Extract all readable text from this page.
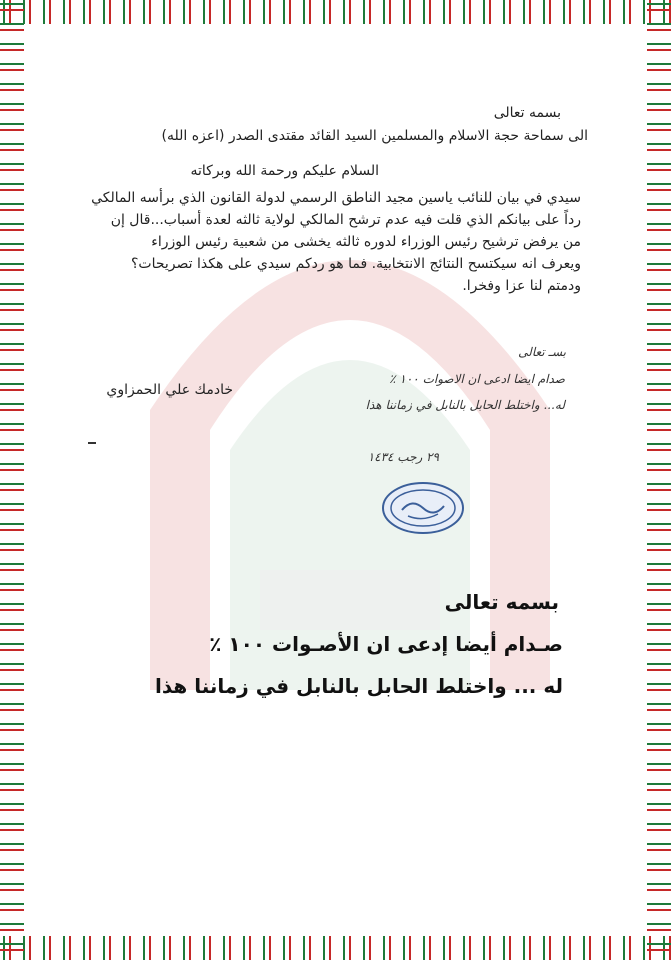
بسمه تعالى
الى سماحة حجة الاسلام والمسلمين السيد القائد مقتدى الصدر (اعزه الله)
السلام عليكم ورحمة الله وبركاته
سيدي في بيان للنائب ياسين مجيد الناطق الرسمي لدولة القانون الذي برأسه المالكي
رداً على بيانكم الذي قلت فيه عدم ترشح المالكي لولاية ثالثه لعدة أسباب...قال إن
من يرفض ترشيح رئيس الوزراء لدوره ثالثه يخشى من شعبية رئيس الوزراء
ويعرف انه سيكتسح النتائج الانتخابية. فما هو ردكم سيدي على هكذا تصريحات؟
ودمتم لنا عزا وفخرا.
خادمك علي الحمزاوي
بسـ تعالى
صدام ايضا ادعى ان الاصوات ١٠٠ ٪
له... واختلط الحابل بالنابل في زماننا هذا
٢٩ رجب ١٤٣٤
بسمه تعالى
صـدام أيضا إدعى ان الأصـوات ١٠٠ ٪
له ... واختلط الحابل بالنابل في زماننا هذا
